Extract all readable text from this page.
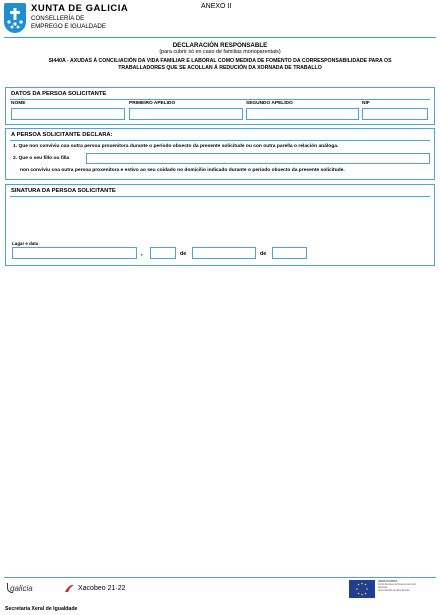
XUNTA DE GALICIA
CONSELLERÍA DE
EMPREGO E IGUALDADE
ANEXO II
DECLARACIÓN RESPONSABLE
(para cubrir só en caso de familias monoparentais)
SI440A - AXUDAS Á CONCILIACIÓN DA VIDA FAMILIAR E LABORAL COMO MEDIDA DE FOMENTO DA CORRESPONSABILIDADE PARA OS
TRABALLADORES QUE SE ACOLLAN Á REDUCIÓN DA XORNADA DE TRABALLO
DATOS DA PERSOA SOLICITANTE
NOME	PRIMEIRO APELIDO	SEGUNDO APELIDO	NIF
A PERSOA SOLICITANTE DECLARA:
1. Que non conviviu coa outra persoa proxenitora durante o período obxecto da presente solicitude ou con outra parella o relación análoga.
2. Que o seu fillo ou filla
non conviviu coa outra persoa proxenitora e estivo ao seu coidado no domicilio indicado durante o período obxecto da presente solicitude.
SINATURA DA PERSOA SOLICITANTE
Lugar e data
,	de	de
galicia	Xacobeo 21·22
UNIÓN EUROPEA
Fondo Europeo de Desenvolvemento
Rexional
Unha maneira de facer Europa
Secretaría Xeral de Igualdade
